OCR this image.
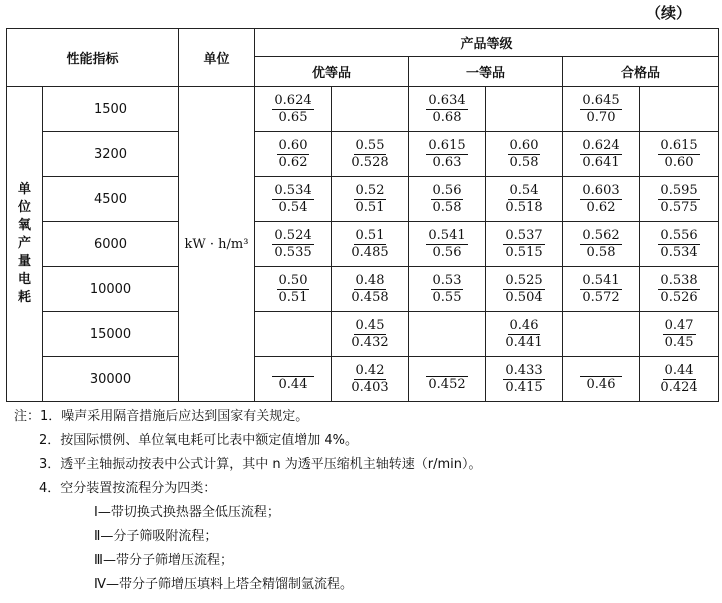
（续）
性能指标		单位	产品等级					
			优等品		一等品		合格品	

单位氧产量电耗	1500	kW · h/m³	$\frac{0.624}{0.65}$		$\frac{0.634}{0.68}$		$\frac{0.645}{0.70}$

	3200		$\frac{0.60}{0.62}$	$\frac{0.55}{0.528}$	$\frac{0.615}{0.63}$	$\frac{0.60}{0.58}$	$\frac{0.624}{0.641}$	$\frac{0.615}{0.60}$

	4500		$\frac{0.534}{0.54}$	$\frac{0.52}{0.51}$	$\frac{0.56}{0.58}$	$\frac{0.54}{0.518}$	$\frac{0.603}{0.62}$	$\frac{0.595}{0.575}$

	6000		$\frac{0.524}{0.535}$	$\frac{0.51}{0.485}$	$\frac{0.541}{0.56}$	$\frac{0.537}{0.515}$	$\frac{0.562}{0.58}$	$\frac{0.556}{0.534}$

	10000		$\frac{0.50}{0.51}$	$\frac{0.48}{0.458}$	$\frac{0.53}{0.55}$	$\frac{0.525}{0.504}$	$\frac{0.541}{0.572}$	$\frac{0.538}{0.526}$

	15000			$\frac{0.45}{0.432}$		$\frac{0.46}{0.441}$		$\frac{0.47}{0.45}$

	30000		0.44	$\frac{0.42}{0.403}$	0.452	$\frac{0.433}{0.415}$	0.46	$\frac{0.44}{0.424}$
注：1．噪声采用隔音措施后应达到国家有关规定。
2．按国际惯例、单位氧电耗可比表中额定值增加 4%。
3．透平主轴振动按表中公式计算，其中 n 为透平压缩机主轴转速（r/min）。
4．空分装置按流程分为四类：
Ⅰ—带切换式换热器全低压流程；
Ⅱ—分子筛吸附流程；
Ⅲ—带分子筛增压流程；
Ⅳ—带分子筛增压填料上塔全精馏制氩流程。
